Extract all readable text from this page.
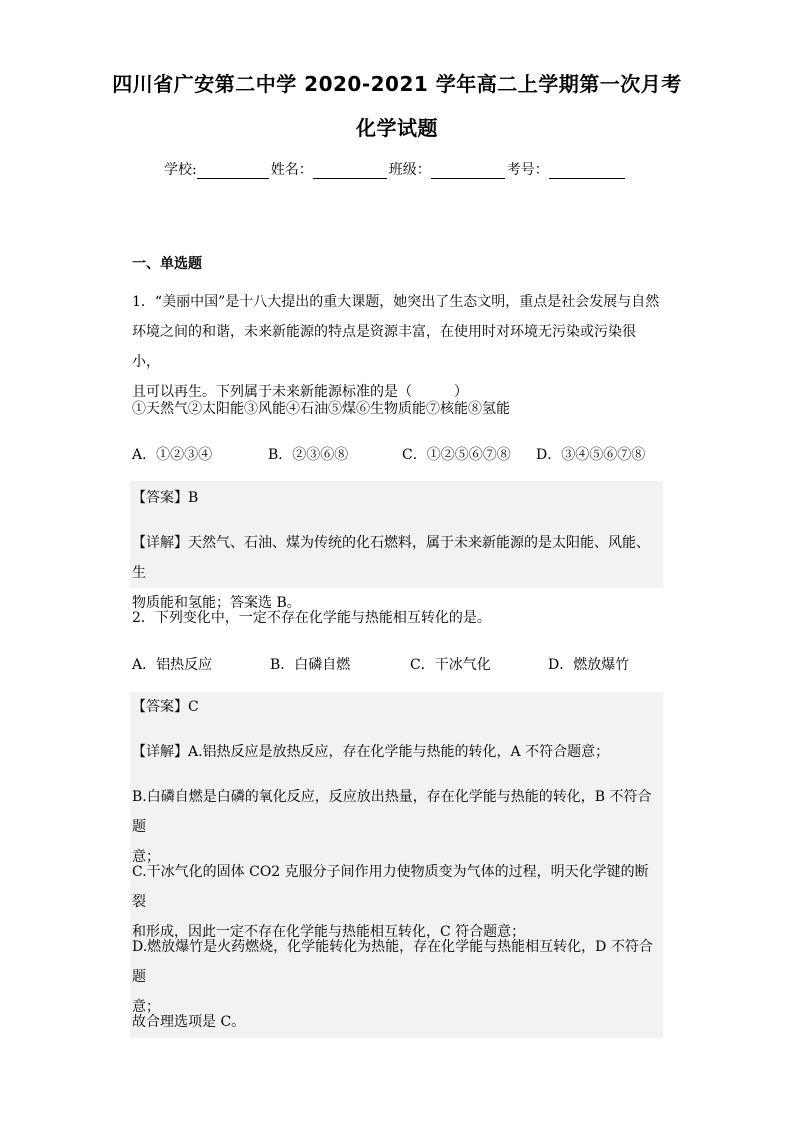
四川省广安第二中学 2020-2021 学年高二上学期第一次月考
化学试题
学校:	姓名：	班级：	考号：
一、单选题
1．“美丽中国”是十八大提出的重大课题，她突出了生态文明，重点是社会发展与自然
环境之间的和谐，未来新能源的特点是资源丰富，在使用时对环境无污染或污染很小，
且可以再生。下列属于未来新能源标准的是（　　　）
①天然气②太阳能③风能④石油⑤煤⑥生物质能⑦核能⑧氢能
A．①②③④	B．②③⑥⑧	C．①②⑤⑥⑦⑧ D．③④⑤⑥⑦⑧
【答案】B
【详解】天然气、石油、煤为传统的化石燃料，属于未来新能源的是太阳能、风能、生
物质能和氢能；答案选 B。
2．下列变化中，一定不存在化学能与热能相互转化的是。
A．铝热反应	B．白磷自燃	C．干冰气化	D．燃放爆竹
【答案】C
【详解】A.铝热反应是放热反应，存在化学能与热能的转化，A 不符合题意；
B.白磷自燃是白磷的氧化反应，反应放出热量，存在化学能与热能的转化，B 不符合题
意；
C.干冰气化的固体 CO2 克服分子间作用力使物质变为气体的过程，明天化学键的断裂
和形成，因此一定不存在化学能与热能相互转化，C 符合题意；
D.燃放爆竹是火药燃烧，化学能转化为热能，存在化学能与热能相互转化，D 不符合题
意；
故合理选项是 C。
